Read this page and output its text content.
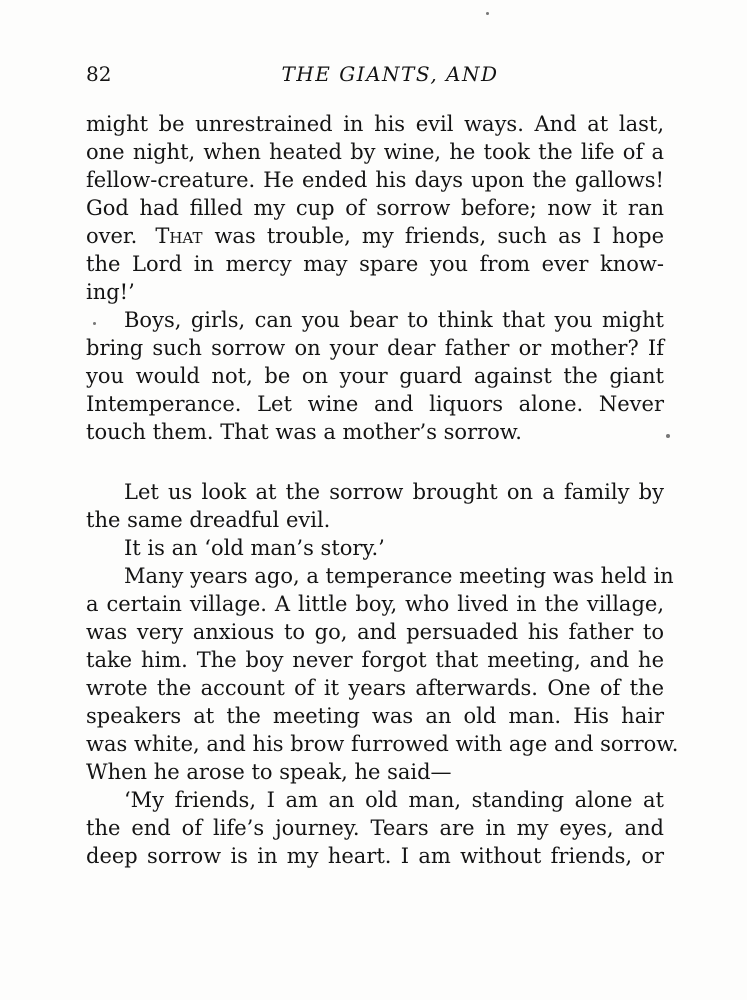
82	THE GIANTS, AND
might be unrestrained in his evil ways. And at last,
one night, when heated by wine, he took the life of a
fellow-creature. He ended his days upon the gallows!
God had filled my cup of sorrow before; now it ran
over. That was trouble, my friends, such as I hope
the Lord in mercy may spare you from ever know-
ing!’
Boys, girls, can you bear to think that you might
bring such sorrow on your dear father or mother? If
you would not, be on your guard against the giant
Intemperance. Let wine and liquors alone. Never
touch them. That was a mother’s sorrow.
Let us look at the sorrow brought on a family by
the same dreadful evil.
It is an ‘old man’s story.’
Many years ago, a temperance meeting was held in
a certain village. A little boy, who lived in the village,
was very anxious to go, and persuaded his father to
take him. The boy never forgot that meeting, and he
wrote the account of it years afterwards. One of the
speakers at the meeting was an old man. His hair
was white, and his brow furrowed with age and sorrow.
When he arose to speak, he said—
‘My friends, I am an old man, standing alone at
the end of life’s journey. Tears are in my eyes, and
deep sorrow is in my heart. I am without friends, or
